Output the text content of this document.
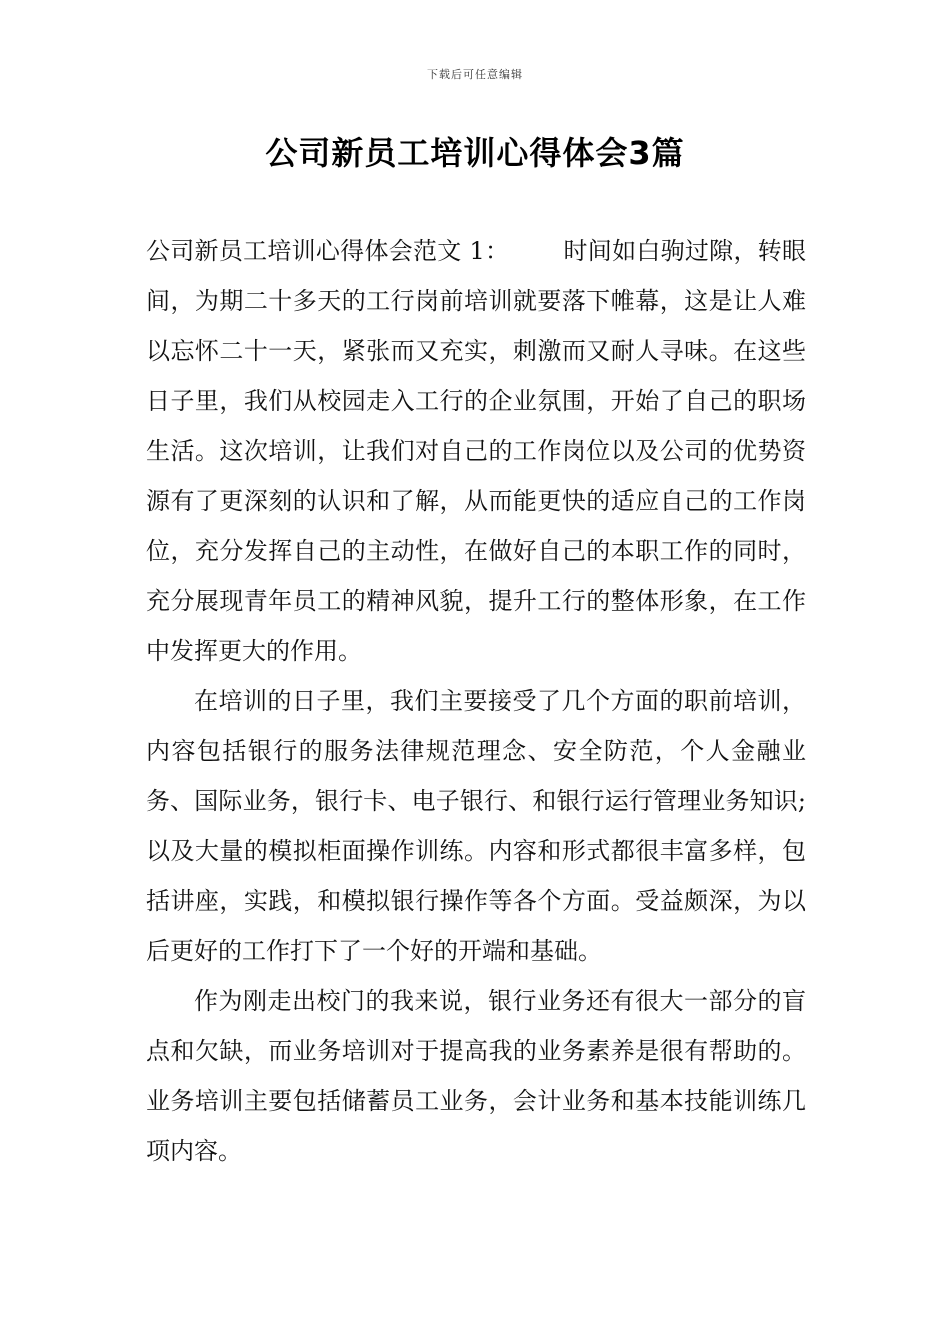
下载后可任意编辑
公司新员工培训心得体会3篇

公司新员工培训心得体会范文 1： 时间如白驹过隙，转眼间，为期二十多天的工行岗前培训就要落下帷幕，这是让人难以忘怀二十一天，紧张而又充实，刺激而又耐人寻味。在这些日子里，我们从校园走入工行的企业氛围，开始了自己的职场生活。这次培训，让我们对自己的工作岗位以及公司的优势资源有了更深刻的认识和了解，从而能更快的适应自己的工作岗位，充分发挥自己的主动性，在做好自己的本职工作的同时，充分展现青年员工的精神风貌，提升工行的整体形象，在工作中发挥更大的作用。

在培训的日子里，我们主要接受了几个方面的职前培训，内容包括银行的服务法律规范理念、安全防范，个人金融业务、国际业务，银行卡、电子银行、和银行运行管理业务知识;以及大量的模拟柜面操作训练。内容和形式都很丰富多样，包括讲座，实践，和模拟银行操作等各个方面。受益颇深，为以后更好的工作打下了一个好的开端和基础。

作为刚走出校门的我来说，银行业务还有很大一部分的盲点和欠缺，而业务培训对于提高我的业务素养是很有帮助的。业务培训主要包括储蓄员工业务，会计业务和基本技能训练几项内容。
